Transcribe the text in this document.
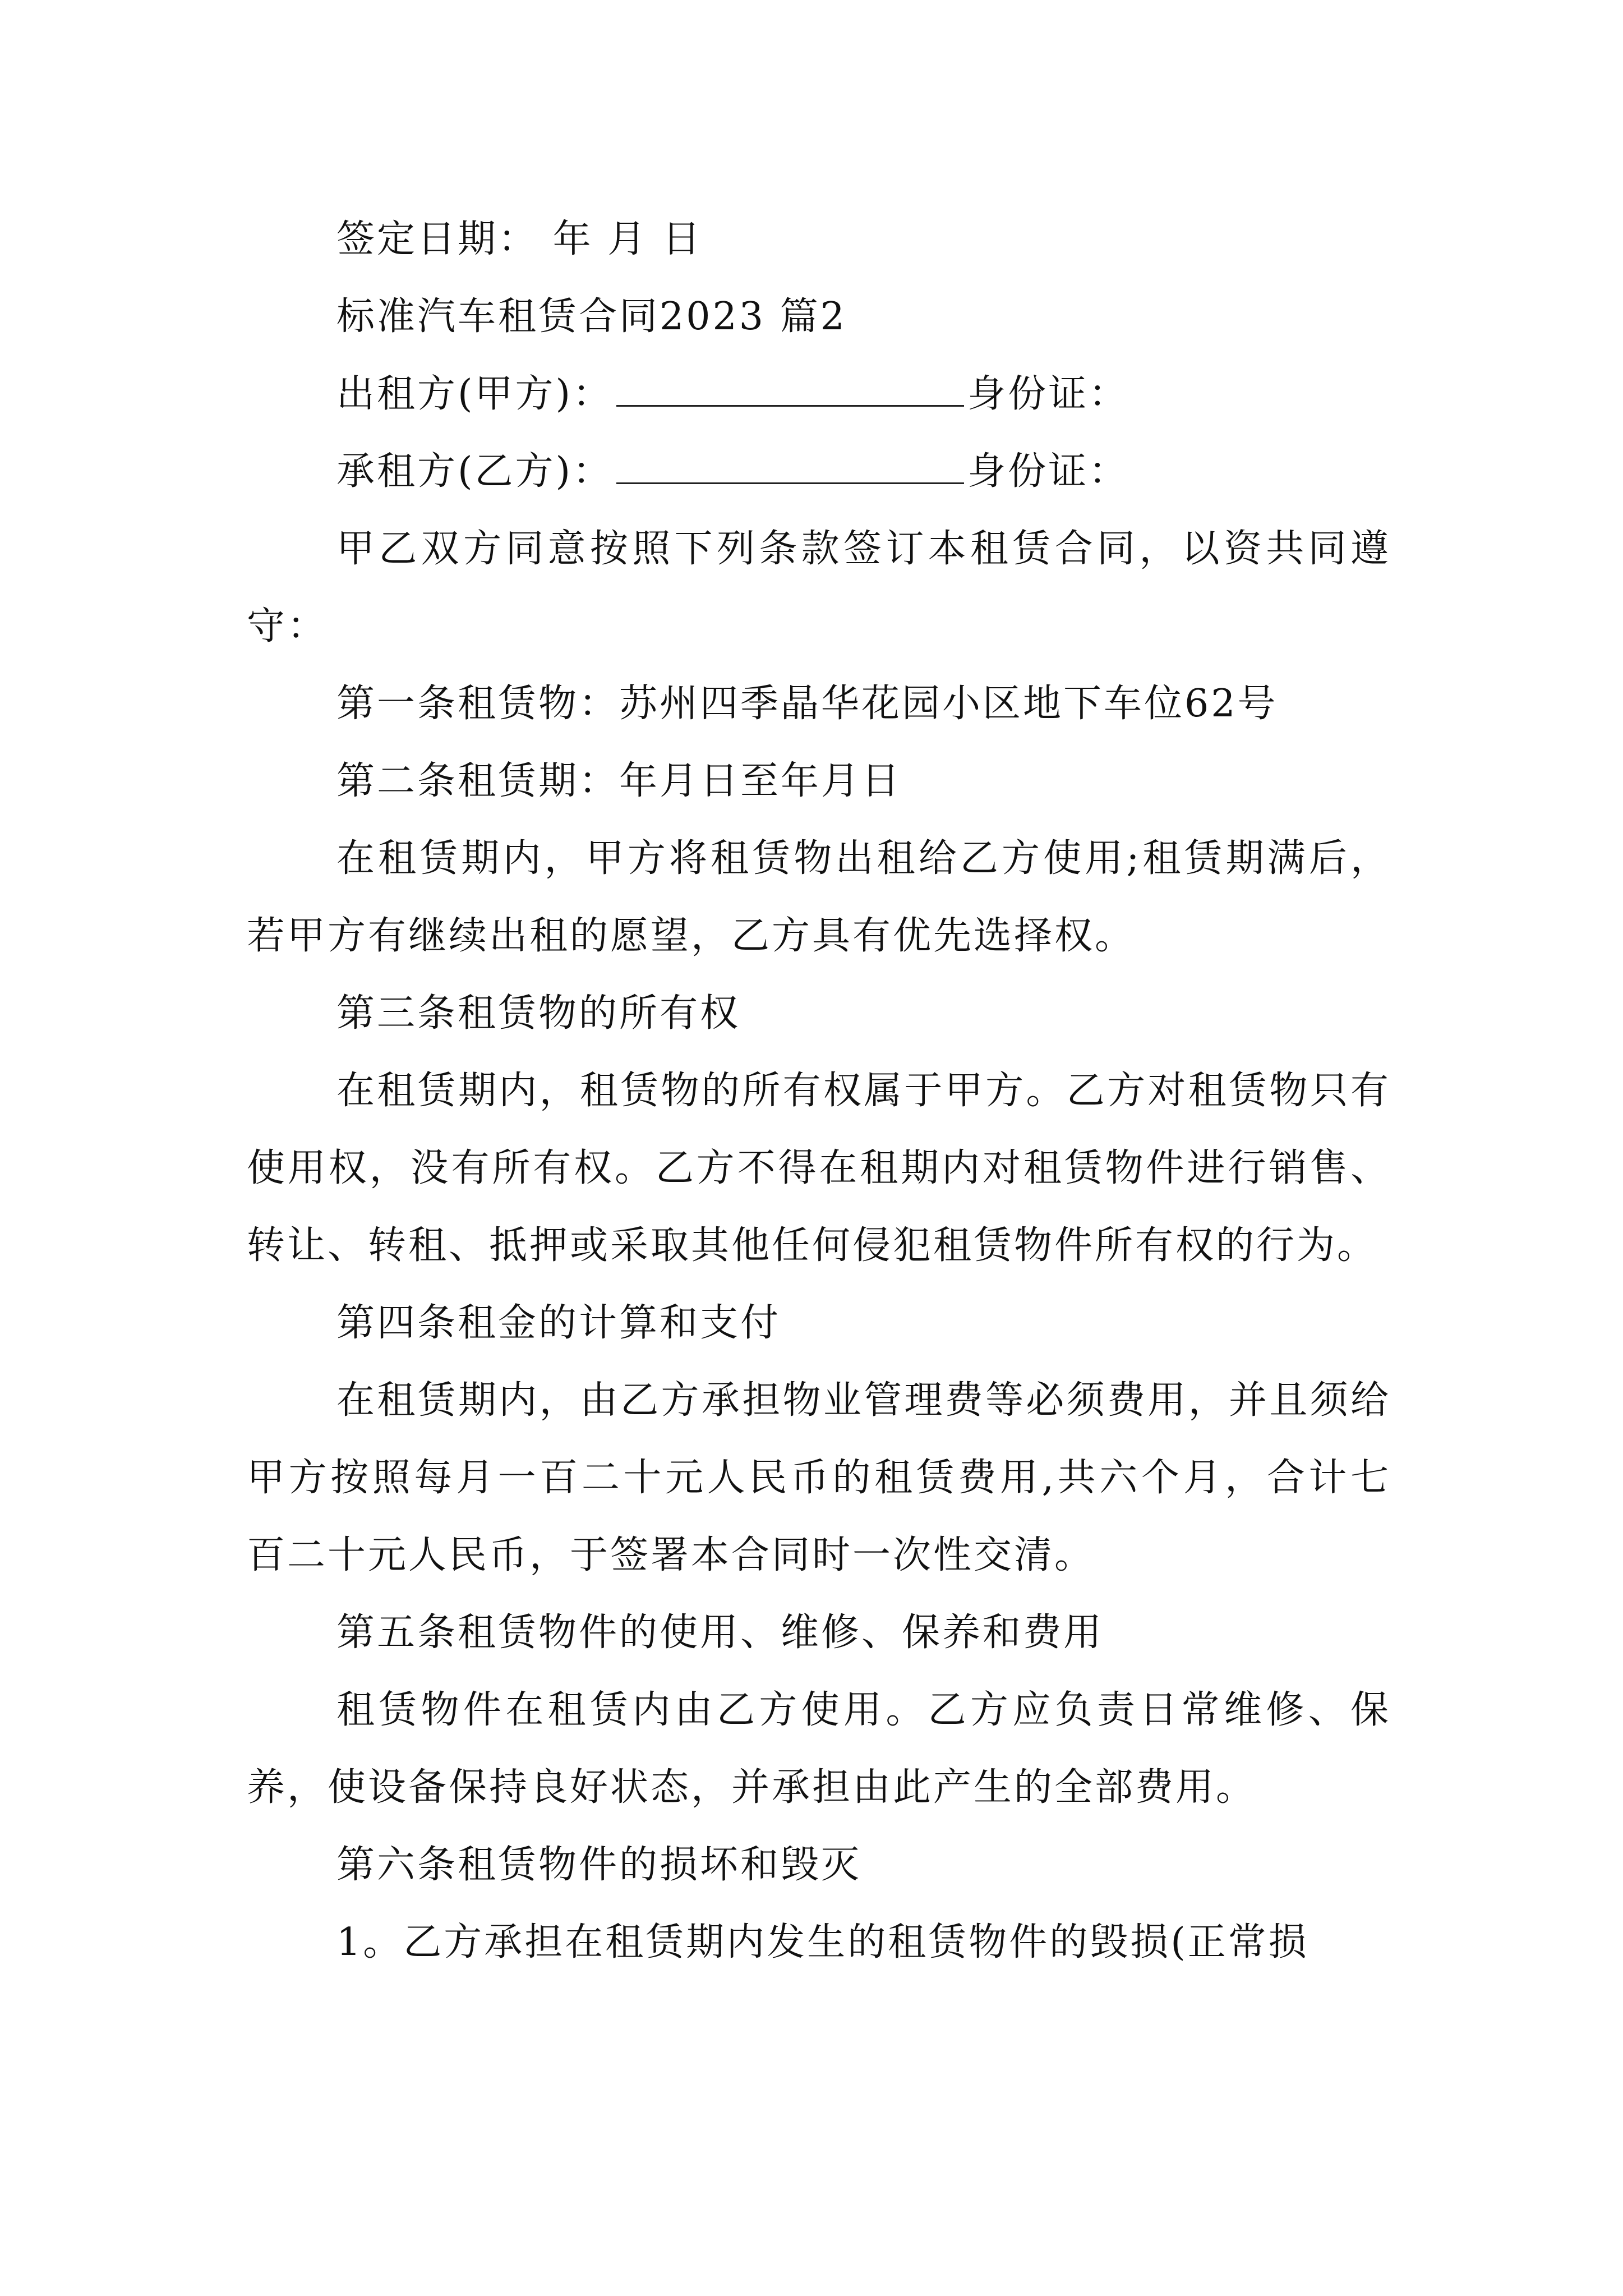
签定日期： 年 月 日

标准汽车租赁合同2023 篇2

出租方(甲方)：	身份证：

承租方(乙方)：	身份证：

甲乙双方同意按照下列条款签订本租赁合同，以资共同遵守：

第一条租赁物：苏州四季晶华花园小区地下车位62号

第二条租赁期：年月日至年月日

在租赁期内，甲方将租赁物出租给乙方使用;租赁期满后，若甲方有继续出租的愿望，乙方具有优先选择权。

第三条租赁物的所有权

在租赁期内，租赁物的所有权属于甲方。乙方对租赁物只有使用权，没有所有权。乙方不得在租期内对租赁物件进行销售、转让、转租、抵押或采取其他任何侵犯租赁物件所有权的行为。

第四条租金的计算和支付

在租赁期内，由乙方承担物业管理费等必须费用，并且须给甲方按照每月一百二十元人民币的租赁费用,共六个月，合计七百二十元人民币，于签署本合同时一次性交清。

第五条租赁物件的使用、维修、保养和费用

租赁物件在租赁内由乙方使用。乙方应负责日常维修、保养，使设备保持良好状态，并承担由此产生的全部费用。

第六条租赁物件的损坏和毁灭

1。乙方承担在租赁期内发生的租赁物件的毁损(正常损
